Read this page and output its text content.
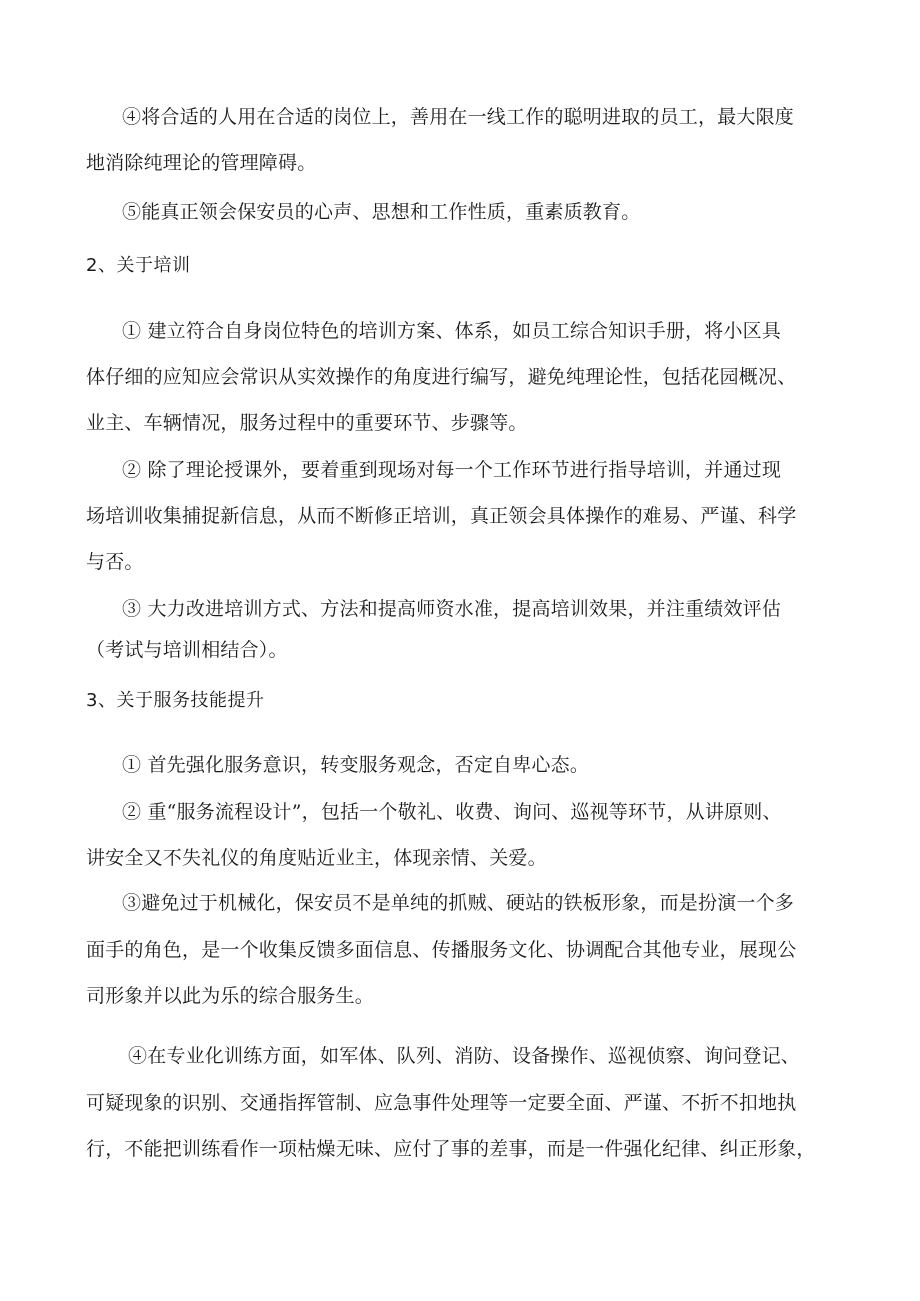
④将合适的人用在合适的岗位上，善用在一线工作的聪明进取的员工，最大限度

地消除纯理论的管理障碍。

⑤能真正领会保安员的心声、思想和工作性质，重素质教育。

2、关于培训

① 建立符合自身岗位特色的培训方案、体系，如员工综合知识手册，将小区具

体仔细的应知应会常识从实效操作的角度进行编写，避免纯理论性，包括花园概况、

业主、车辆情况，服务过程中的重要环节、步骤等。

② 除了理论授课外，要着重到现场对每一个工作环节进行指导培训，并通过现

场培训收集捕捉新信息，从而不断修正培训，真正领会具体操作的难易、严谨、科学

与否。

③ 大力改进培训方式、方法和提高师资水准，提高培训效果，并注重绩效评估

（考试与培训相结合）。

3、关于服务技能提升

① 首先强化服务意识，转变服务观念，否定自卑心态。

② 重“服务流程设计”，包括一个敬礼、收费、询问、巡视等环节，从讲原则、

讲安全又不失礼仪的角度贴近业主，体现亲情、关爱。

③避免过于机械化，保安员不是单纯的抓贼、硬站的铁板形象，而是扮演一个多

面手的角色，是一个收集反馈多面信息、传播服务文化、协调配合其他专业，展现公

司形象并以此为乐的综合服务生。

④在专业化训练方面，如军体、队列、消防、设备操作、巡视侦察、询问登记、

可疑现象的识别、交通指挥管制、应急事件处理等一定要全面、严谨、不折不扣地执

行，不能把训练看作一项枯燥无味、应付了事的差事，而是一件强化纪律、纠正形象，
